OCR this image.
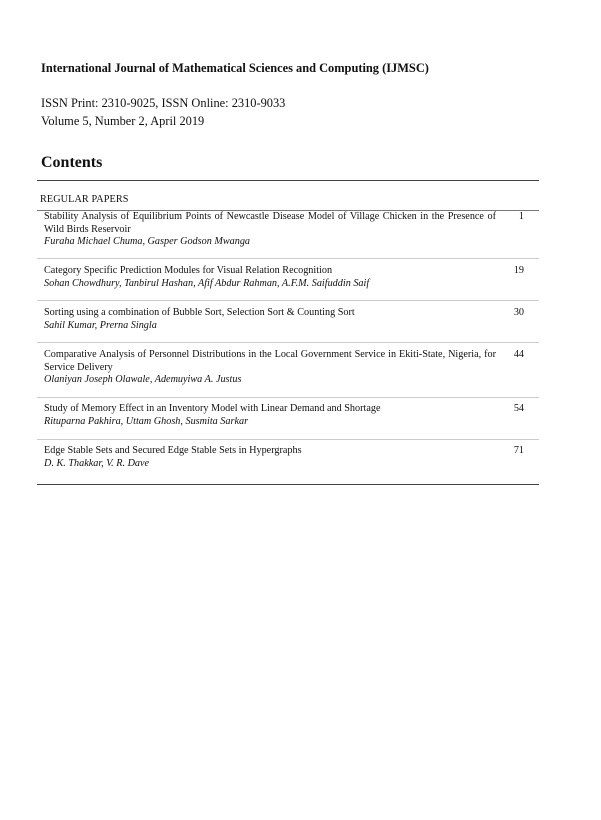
International Journal of Mathematical Sciences and Computing (IJMSC)
ISSN Print: 2310-9025, ISSN Online: 2310-9033
Volume 5, Number 2, April 2019
Contents
REGULAR PAPERS
Stability Analysis of Equilibrium Points of Newcastle Disease Model of Village Chicken in the Presence of Wild Birds Reservoir
Furaha Michael Chuma, Gasper Godson Mwanga
1
Category Specific Prediction Modules for Visual Relation Recognition
Sohan Chowdhury, Tanbirul Hashan, Afif Abdur Rahman, A.F.M. Saifuddin Saif
19
Sorting using a combination of Bubble Sort, Selection Sort & Counting Sort
Sahil Kumar, Prerna Singla
30
Comparative Analysis of Personnel Distributions in the Local Government Service in Ekiti-State, Nigeria, for Service Delivery
Olaniyan Joseph Olawale, Ademuyiwa A. Justus
44
Study of Memory Effect in an Inventory Model with Linear Demand and Shortage
Rituparna Pakhira, Uttam Ghosh, Susmita Sarkar
54
Edge Stable Sets and Secured Edge Stable Sets in Hypergraphs
D. K. Thakkar, V. R. Dave
71
